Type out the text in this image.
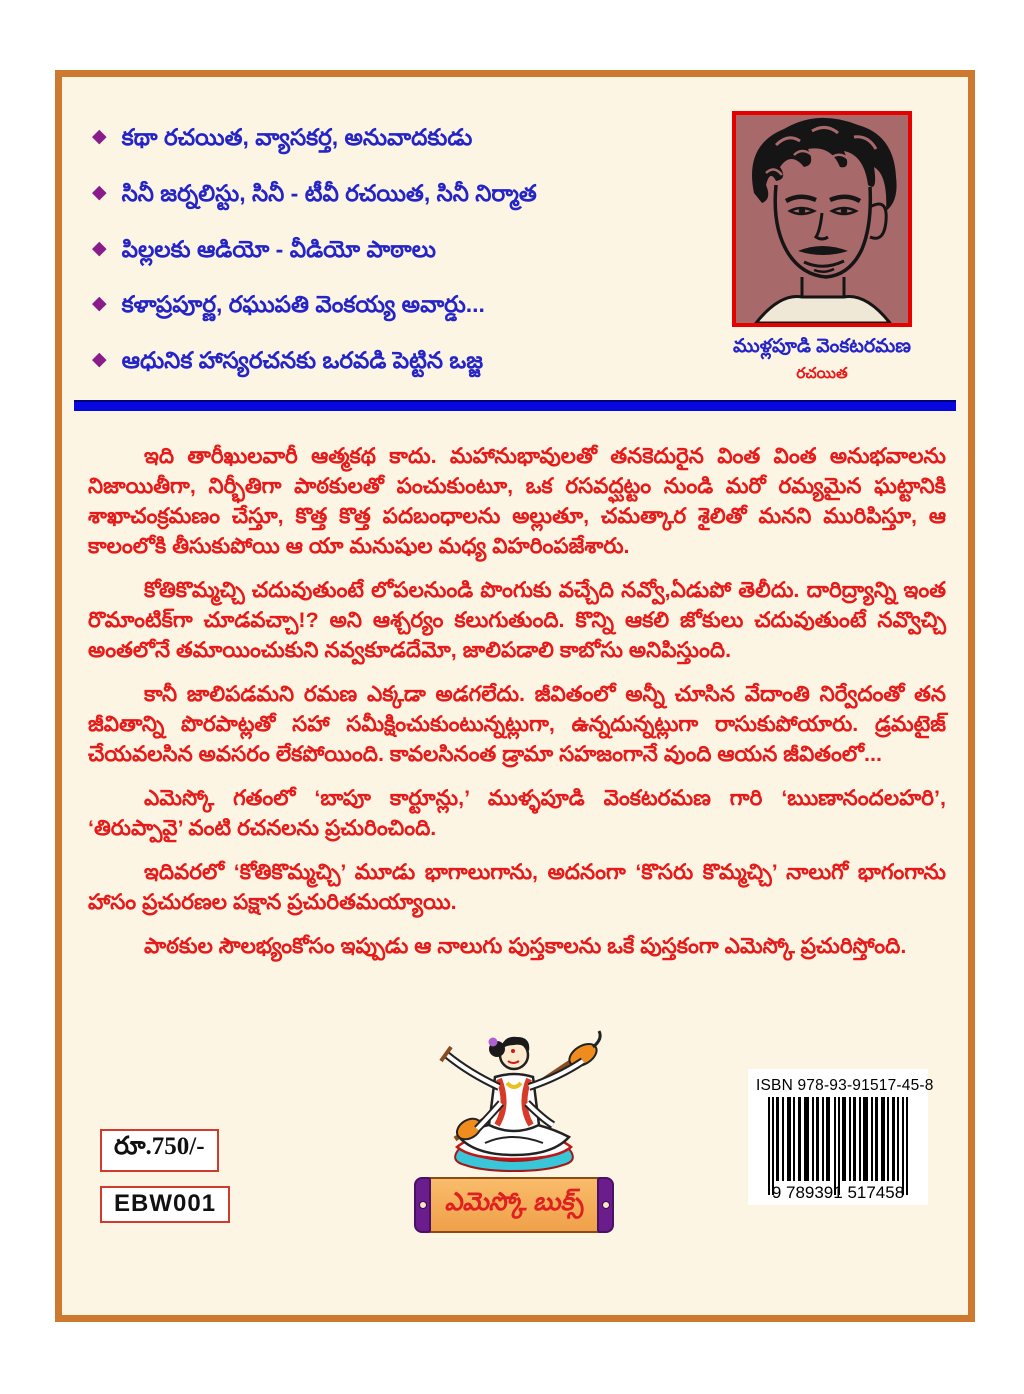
◆ కథా రచయిత, వ్యాసకర్త, అనువాదకుడు
◆ సినీ జర్నలిస్టు, సినీ - టీవీ రచయిత, సినీ నిర్మాత
◆ పిల్లలకు ఆడియో - వీడియో పాఠాలు
◆ కళాప్రపూర్ణ, రఘుపతి వెంకయ్య అవార్డు...
◆ ఆధునిక హాస్యరచనకు ఒరవడి పెట్టిన ఒజ్జ
ముళ్లపూడి వెంకటరమణ
రచయిత

ఇది తారీఖులవారీ ఆత్మకథ కాదు. మహానుభావులతో తనకెదురైన వింత వింత అనుభవాలను నిజాయితీగా, నిర్భీతిగా పాఠకులతో పంచుకుంటూ, ఒక రసవద్ఘట్టం నుండి మరో రమ్యమైన ఘట్టానికి శాఖాచంక్రమణం చేస్తూ, కొత్త కొత్త పదబంధాలను అల్లుతూ, చమత్కార శైలితో మనని మురిపిస్తూ, ఆ కాలంలోకి తీసుకుపోయి ఆ యా మనుషుల మధ్య విహరింపజేశారు.

కోతికొమ్మచ్చి చదువుతుంటే లోపలనుండి పొంగుకు వచ్చేది నవ్వో,ఏడుపో తెలీదు. దారిద్ర్యాన్ని ఇంత రొమాంటిక్‌గా చూడవచ్చా!? అని ఆశ్చర్యం కలుగుతుంది. కొన్ని ఆకలి జోకులు చదువుతుంటే నవ్వొచ్చి అంతలోనే తమాయించుకుని నవ్వకూడదేమో, జాలిపడాలి కాబోసు అనిపిస్తుంది.

కానీ జాలిపడమని రమణ ఎక్కడా అడగలేదు. జీవితంలో అన్నీ చూసిన వేదాంతి నిర్వేదంతో తన జీవితాన్ని పొరపాట్లతో సహా సమీక్షించుకుంటున్నట్లుగా, ఉన్నదున్నట్లుగా రాసుకుపోయారు. డ్రమటైజ్ చేయవలసిన అవసరం లేకపోయింది. కావలసినంత డ్రామా సహజంగానే వుంది ఆయన జీవితంలో...

ఎమెస్కో గతంలో ‘బాపూ కార్టూన్లు,’ ముళ్ళపూడి వెంకటరమణ గారి ‘ఋణానందలహరి’, ‘తిరుప్పావై’ వంటి రచనలను ప్రచురించింది.

ఇదివరలో ‘కోతికొమ్మచ్చి’ మూడు భాగాలుగాను, అదనంగా ‘కొసరు కొమ్మచ్చి’ నాలుగో భాగంగాను హాసం ప్రచురణల పక్షాన ప్రచురితమయ్యాయి.

పాఠకుల సౌలభ్యంకోసం ఇప్పుడు ఆ నాలుగు పుస్తకాలను ఒకే పుస్తకంగా ఎమెస్కో ప్రచురిస్తోంది.

రూ.750/-
EBW001	ఎమెస్కో బుక్స్
ISBN 978-93-91517-45-8
9 789391 517458
